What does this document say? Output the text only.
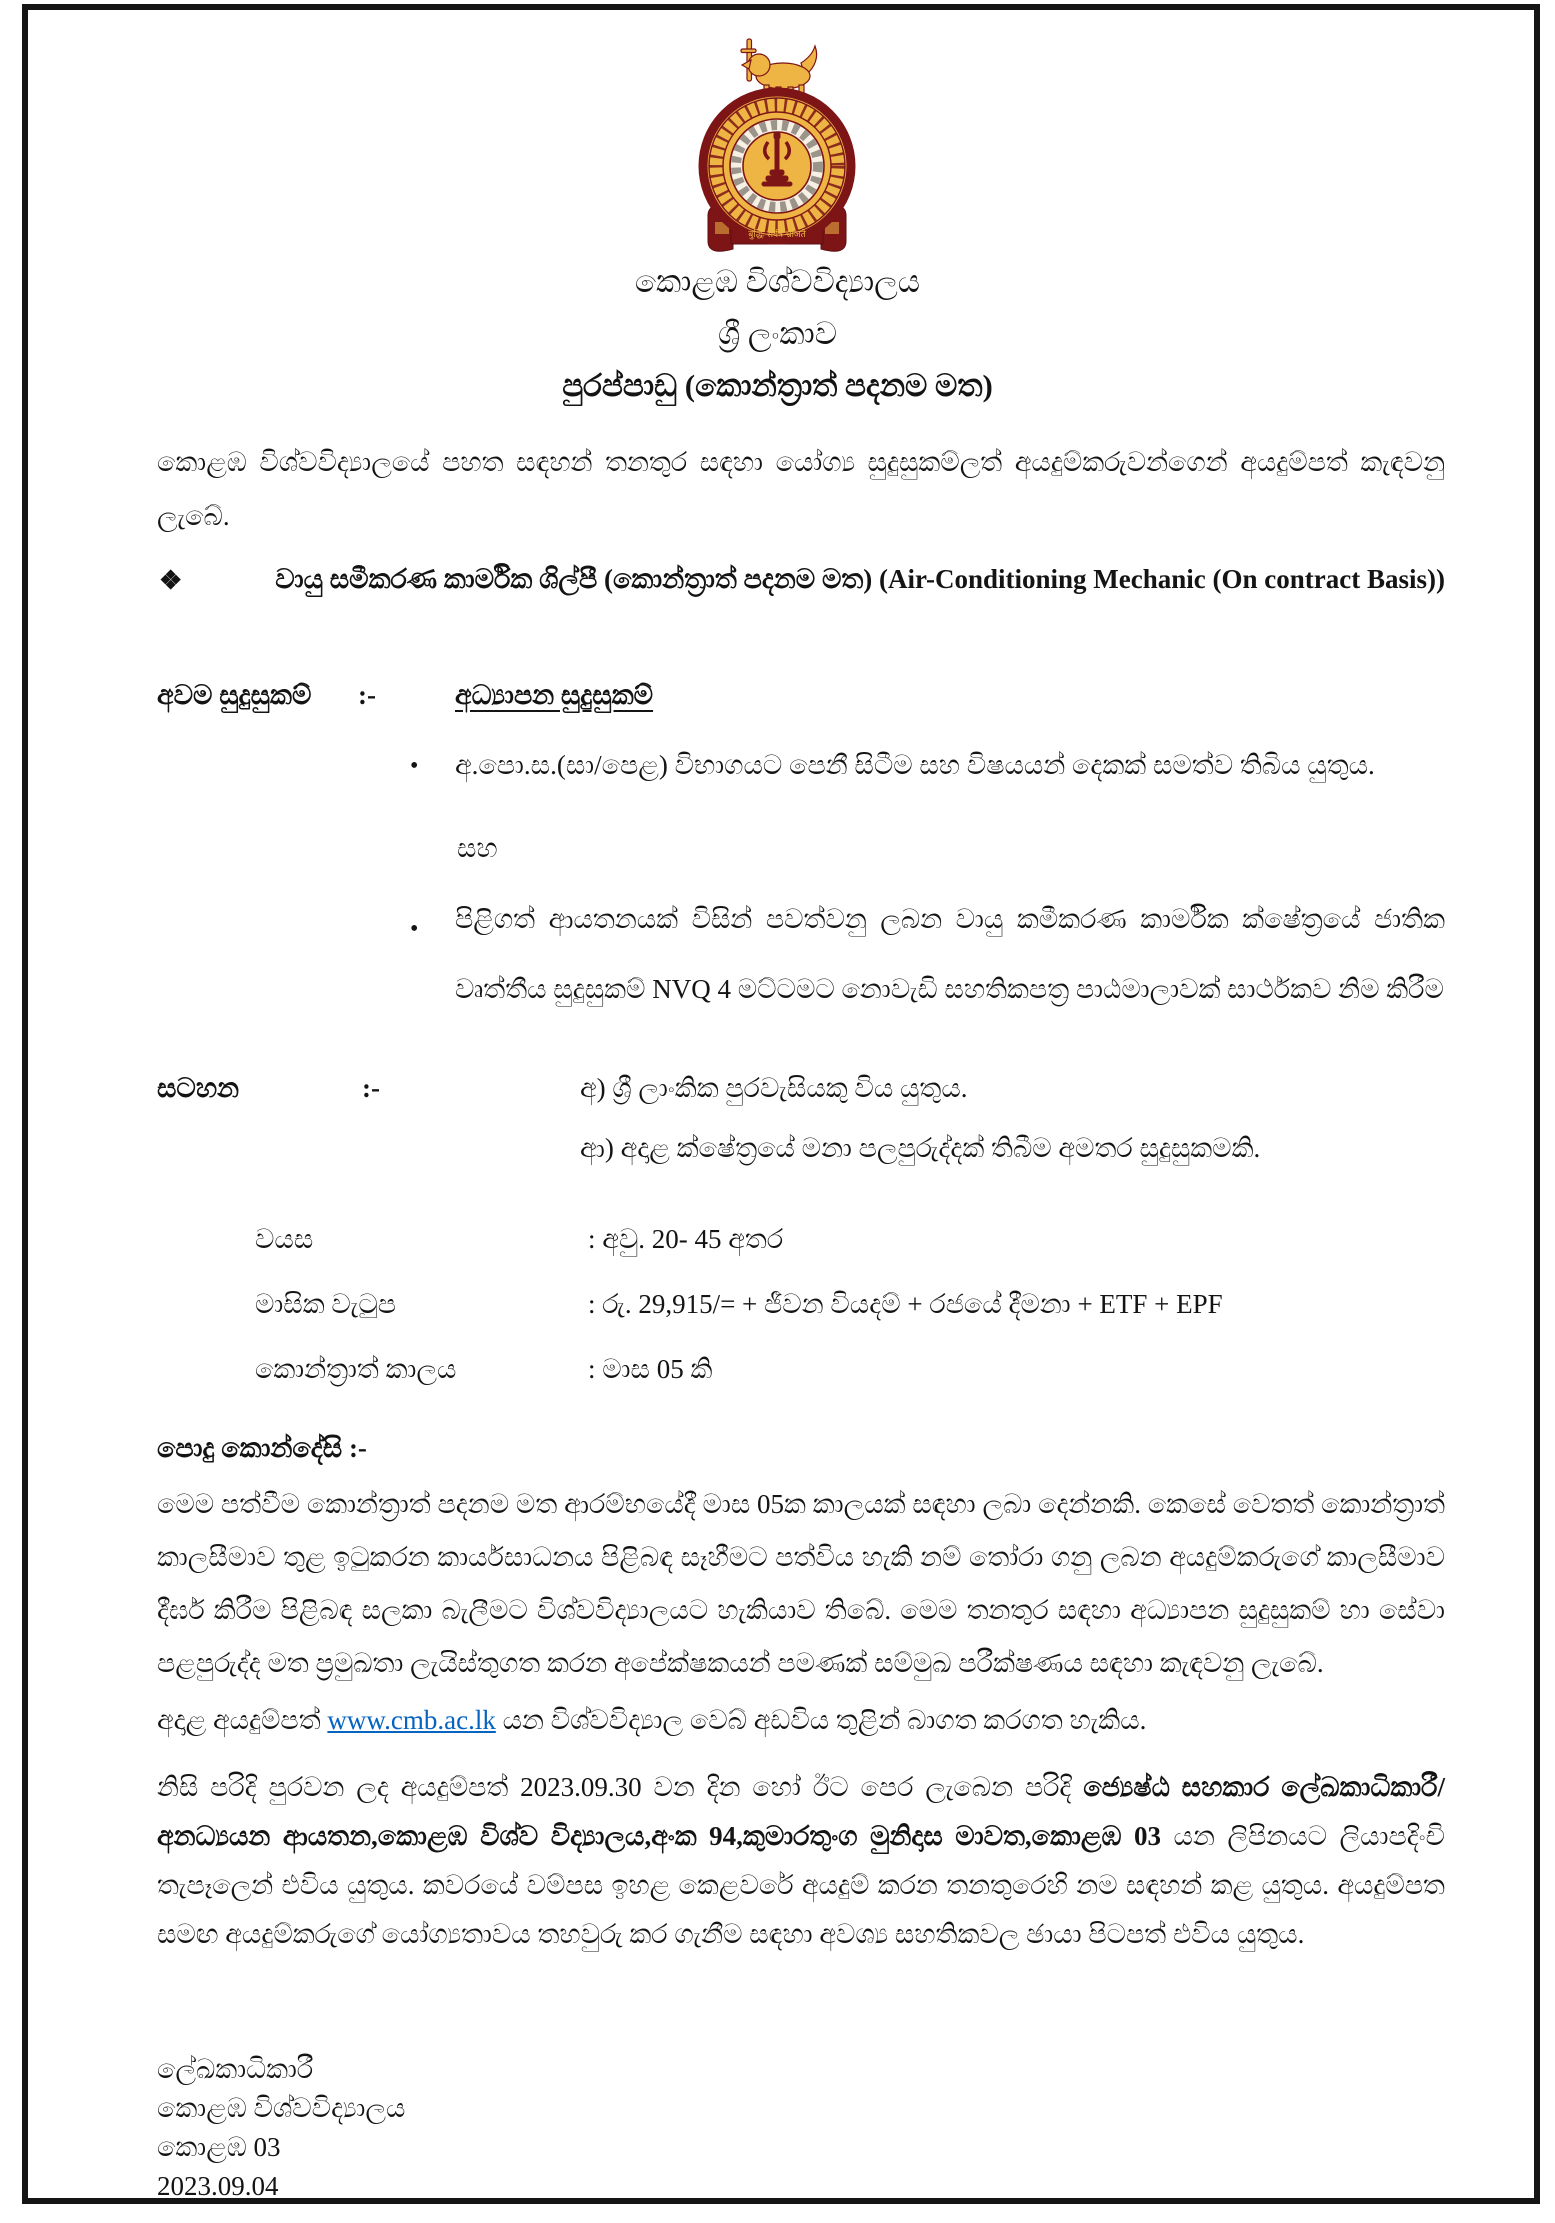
बुद्धिः सर्वत्र भ्राजते
කොළඹ විශ්වවිද්‍යාලය
ශ්‍රී ලංකාව
පුරප්පාඩු (කොන්ත්‍රාත් පදනම මත)

කොළඹ විශ්වවිද්‍යාලයේ පහත සඳහන් තනතුර සඳහා යෝග්‍ය සුදුසුකම්ලත් අයදුම්කරුවන්ගෙන් අයදුම්පත් කැඳවනු ලැබේ.

❖	වායු සමීකරණ කාර්මික ශිල්පී (කොන්ත්‍රාත් පදනම මත) (Air-Conditioning Mechanic (On contract Basis))
අවම සුදුසුකම් :-	අධ්‍යාපන සුදුසුකම්
• අ.පො.ස.(සා/පෙළ) විභාගයට පෙනී සිටීම සහ විෂයයන් දෙකක් සමත්ව තිබිය යුතුය.
සහ
• පිළිගත් ආයතනයක් විසින් පවත්වනු ලබන වායු කමීකරණ කාර්මික ක්ෂේත්‍රයේ ජාතික වෘත්තීය සුදුසුකම් NVQ 4 මට්ටමට නොවැඩි සහතිකපත්‍ර පාඨමාලාවක් සාර්ථකව නිම කිරීම
සටහන	:-	අ) ශ්‍රී ලාංකික පුරවැසියකු විය යුතුය.
ආ) අදාළ ක්ෂේත්‍රයේ මනා පලපුරුද්දක් තිබීම අමතර සුදුසුකමකි.
වයස	: අවු. 20- 45 අතර
මාසික වැටුප	: රු. 29,915/= + ජීවන වියදම් + රජයේ දීමනා + ETF + EPF
කොන්ත්‍රාත් කාලය	: මාස 05 කි
පොදු කොන්දේසි :-

මෙම පත්වීම කොන්ත්‍රාත් පදනම මත ආරම්භයේදී මාස 05ක කාලයක් සඳහා ලබා දෙන්නකි. කෙසේ වෙතත් කොන්ත්‍රාත් කාලසීමාව තුළ ඉටුකරන කාර්යසාධනය පිළිබඳ සෑහීමට පත්විය හැකි නම් තෝරා ගනු ලබන අයදුම්කරුගේ කාලසීමාව දීර්ඝ කිරීම පිළිබඳ සලකා බැලීමට විශ්වවිද්‍යාලයට හැකියාව තිබේ. මෙම තනතුර සඳහා අධ්‍යාපන සුදුසුකම් හා සේවා පළපුරුද්ද මත ප්‍රමුඛතා ලැයිස්තුගත කරන අපේක්ෂකයන් පමණක් සම්මුඛ පරීක්ෂණය සඳහා කැඳවනු ලැබේ.

අදාළ අයදුම්පත් www.cmb.ac.lk යන විශ්වවිද්‍යාල වෙබ් අඩවිය තුළින් බාගත කරගත හැකිය.

නිසි පරිදි පුරවන ලද අයදුම්පත් 2023.09.30 වන දින හෝ ඊට පෙර ලැබෙන පරිදි ජ්‍යෙෂ්ඨ සහකාර ලේඛකාධිකාරී/ අනධ්‍යයන ආයතන,කොළඹ විශ්ව විද්‍යාලය,අංක 94,කුමාරතුංග මුනිදාස මාවත,කොළඹ 03 යන ලිපිනයට ලියාපදිංචි තැපෑලෙන් එවිය යුතුය. කවරයේ වම්පස ඉහළ කෙළවරේ අයදුම් කරන තනතුරෙහි නම සඳහන් කළ යුතුය. අයදුම්පත සමඟ අයදුම්කරුගේ යෝග්‍යතාවය තහවුරු කර ගැනීම සඳහා අවශ්‍ය සහතිකවල ඡායා පිටපත් එවිය යුතුය.

ලේඛකාධිකාරී
කොළඹ විශ්වවිද්‍යාලය
කොළඹ 03
2023.09.04
